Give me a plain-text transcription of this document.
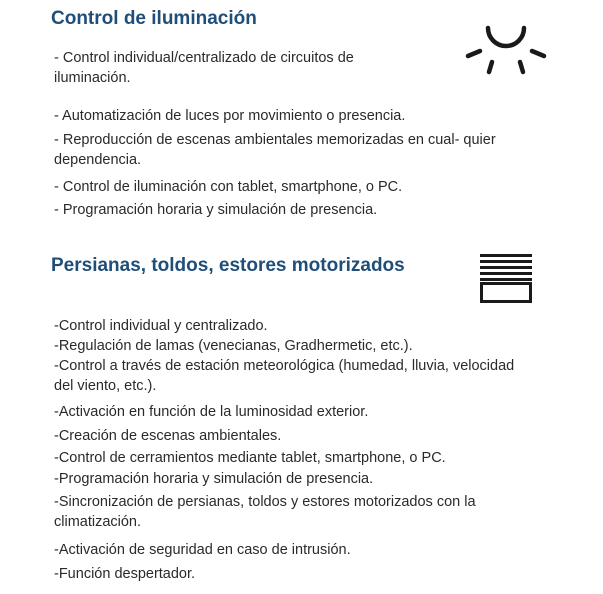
Control de iluminación

- Control individual/centralizado de circuitos de iluminación.

- Automatización de luces por movimiento o presencia.

- Reproducción de escenas ambientales memorizadas en cual- quier dependencia.

- Control de iluminación con tablet, smartphone, o PC.

- Programación horaria y simulación de presencia.

Persianas, toldos, estores motorizados

-Control individual y centralizado.

-Regulación de lamas (venecianas, Gradhermetic, etc.).

-Control a través de estación meteorológica (humedad, lluvia, velocidad del viento, etc.).

-Activación en función de la luminosidad exterior.

-Creación de escenas ambientales.

-Control de cerramientos mediante tablet, smartphone, o PC.

-Programación horaria y simulación de presencia.

-Sincronización de persianas, toldos y estores motorizados con la climatización.

-Activación de seguridad en caso de intrusión.

-Función despertador.
